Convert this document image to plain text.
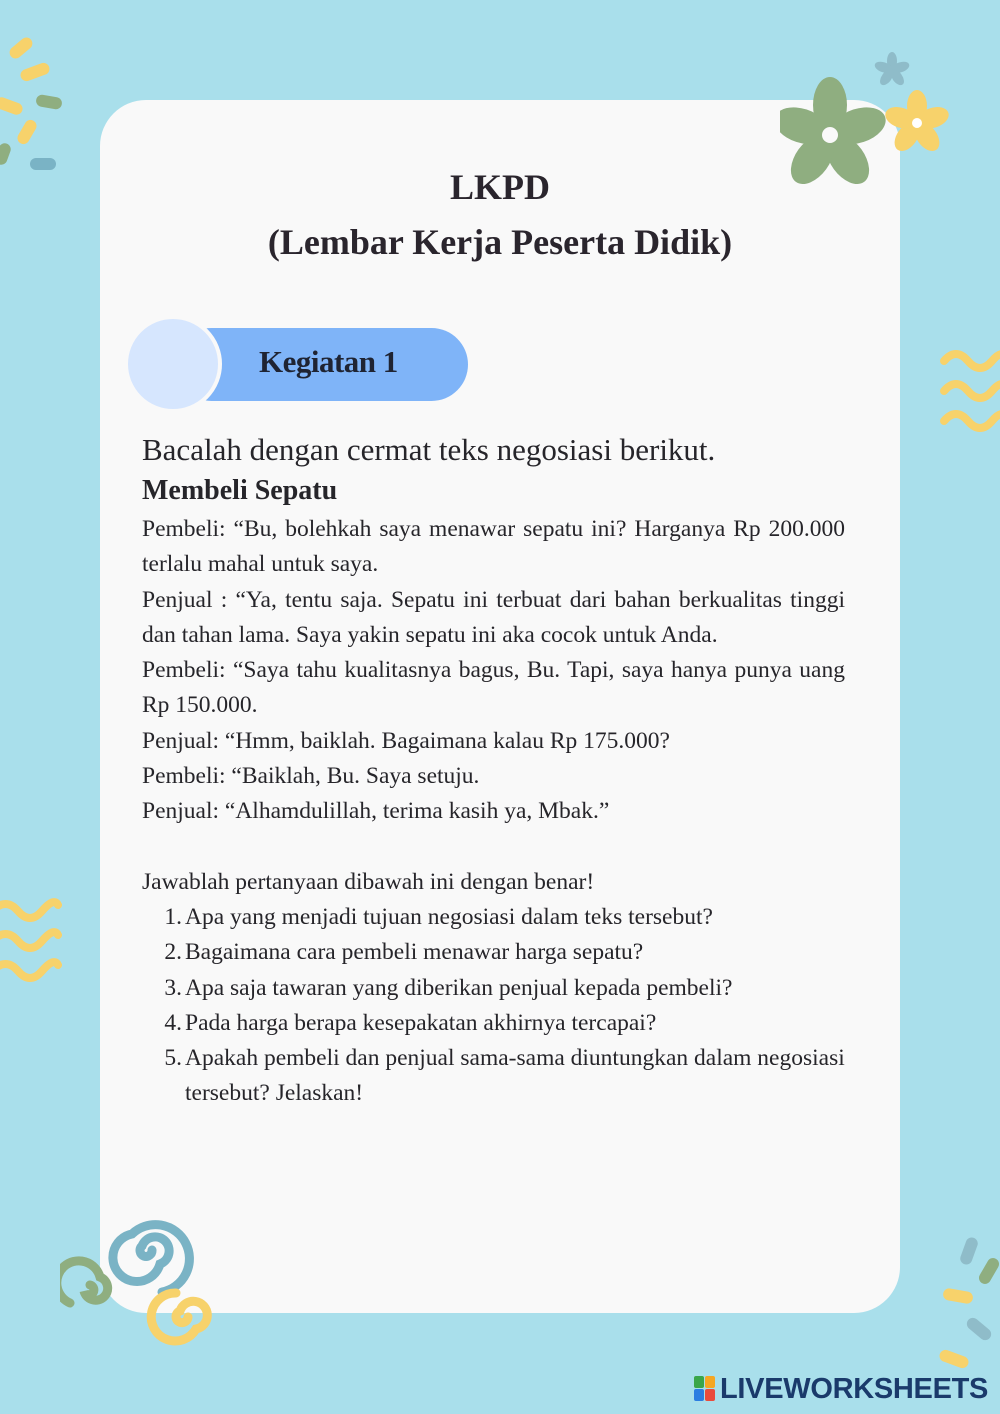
LKPD
(Lembar Kerja Peserta Didik)
Kegiatan 1

Bacalah dengan cermat teks negosiasi berikut.

Membeli Sepatu

Pembeli: “Bu, bolehkah saya menawar sepatu ini? Harganya Rp 200.000 terlalu mahal untuk saya.

Penjual : “Ya, tentu saja. Sepatu ini terbuat dari bahan berkualitas tinggi dan tahan lama. Saya yakin sepatu ini aka cocok untuk Anda.

Pembeli: “Saya tahu kualitasnya bagus, Bu. Tapi, saya hanya punya uang Rp 150.000.

Penjual: “Hmm, baiklah. Bagaimana kalau Rp 175.000?

Pembeli: “Baiklah, Bu. Saya setuju.

Penjual: “Alhamdulillah, terima kasih ya, Mbak.”

Jawablah pertanyaan dibawah ini dengan benar!

1. Apa yang menjadi tujuan negosiasi dalam teks tersebut?
2. Bagaimana cara pembeli menawar harga sepatu?
3. Apa saja tawaran yang diberikan penjual kepada pembeli?
4. Pada harga berapa kesepakatan akhirnya tercapai?
5. Apakah pembeli dan penjual sama-sama diuntungkan dalam negosiasi tersebut? Jelaskan!
LIVEWORKSHEETS
